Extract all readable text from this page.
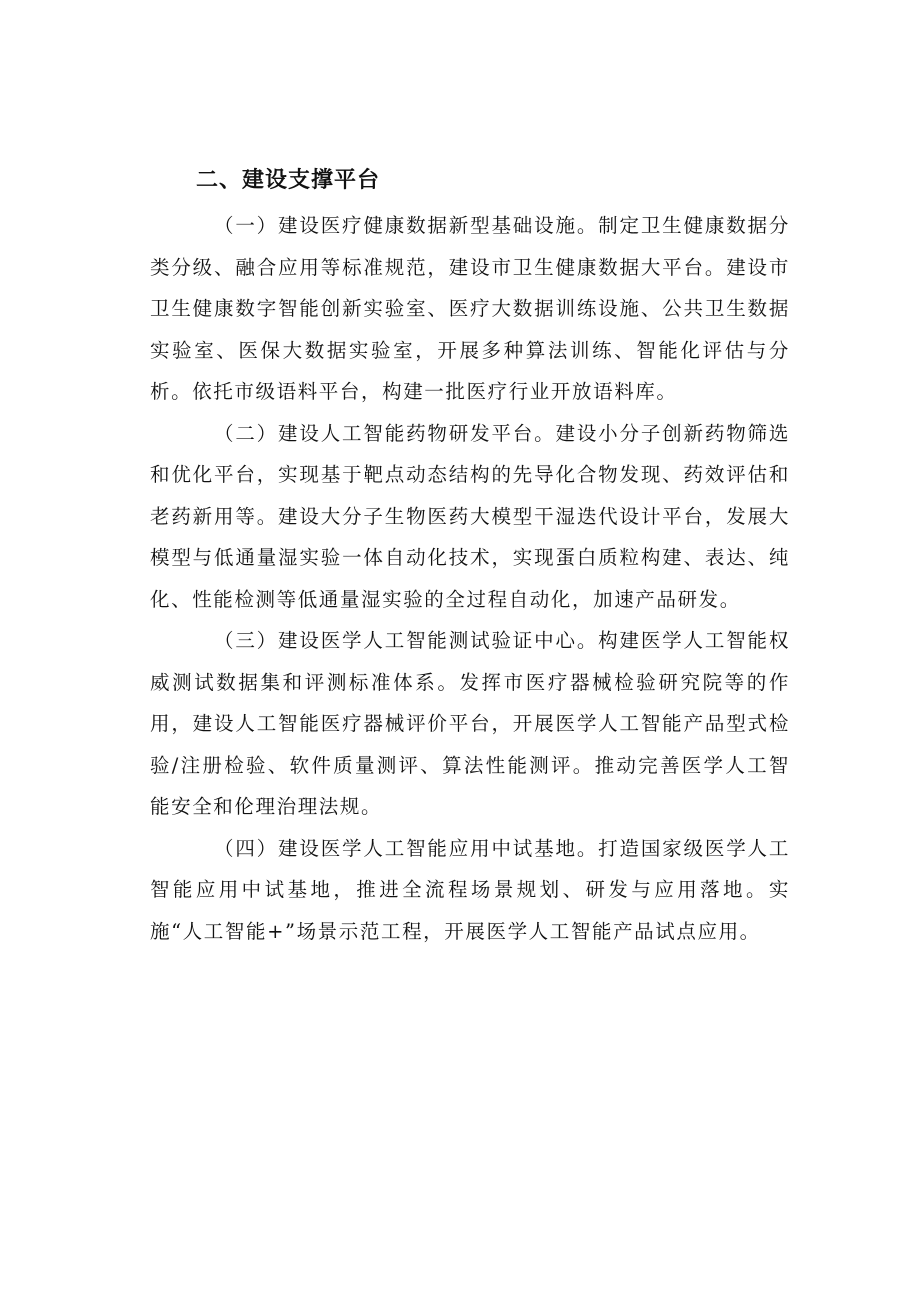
二、建设支撑平台

（一）建设医疗健康数据新型基础设施。制定卫生健康数据分类分级、融合应用等标准规范，建设市卫生健康数据大平台。建设市卫生健康数字智能创新实验室、医疗大数据训练设施、公共卫生数据实验室、医保大数据实验室，开展多种算法训练、智能化评估与分析。依托市级语料平台，构建一批医疗行业开放语料库。

（二）建设人工智能药物研发平台。建设小分子创新药物筛选和优化平台，实现基于靶点动态结构的先导化合物发现、药效评估和老药新用等。建设大分子生物医药大模型干湿迭代设计平台，发展大模型与低通量湿实验一体自动化技术，实现蛋白质粒构建、表达、纯化、性能检测等低通量湿实验的全过程自动化，加速产品研发。

（三）建设医学人工智能测试验证中心。构建医学人工智能权威测试数据集和评测标准体系。发挥市医疗器械检验研究院等的作用，建设人工智能医疗器械评价平台，开展医学人工智能产品型式检验/注册检验、软件质量测评、算法性能测评。推动完善医学人工智能安全和伦理治理法规。

（四）建设医学人工智能应用中试基地。打造国家级医学人工智能应用中试基地，推进全流程场景规划、研发与应用落地。实施“人工智能+”场景示范工程，开展医学人工智能产品试点应用。
